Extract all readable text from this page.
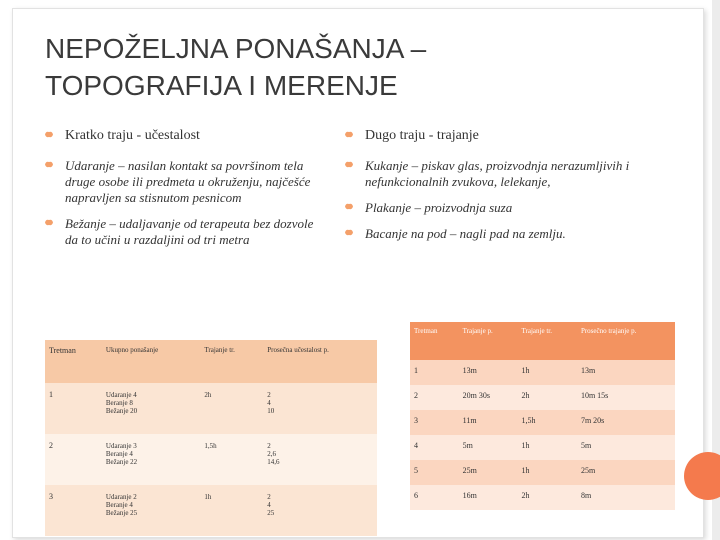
NEPOŽELJNA PONAŠANJA – TOPOGRAFIJA I MERENJE
Kratko traju - učestalost
Udaranje – nasilan kontakt sa površinom tela druge osobe ili predmeta u okruženju, najčešće napravljen sa stisnutom pesnicom
Bežanje – udaljavanje od terapeuta bez dozvole da to učini u razdaljini od tri metra
Dugo traju - trajanje
Kukanje – piskav glas, proizvodnja nerazumljivih i nefunkcionalnih zvukova, lelekanje,
Plakanje – proizvodnja suza
Bacanje na pod – nagli pad na zemlju.
Tretman	Ukupno ponašanje	Trajanje tr.	Prosečna učestalost p.
1	Udaranje 4
Beranje 8
Bežanje 20	2h	2
4
10
2	Udaranje 3
Beranje 4
Bežanje 22	1,5h	2
2,6
14,6
3	Udaranje 2
Beranje 4
Bežanje 25	1h	2
4
25
Tretman	Trajanje p.	Trajanje tr.	Prosečno trajanje p.
1	13m	1h	13m
2	20m 30s	2h	10m 15s
3	11m	1,5h	7m 20s
4	5m	1h	5m
5	25m	1h	25m
6	16m	2h	8m
